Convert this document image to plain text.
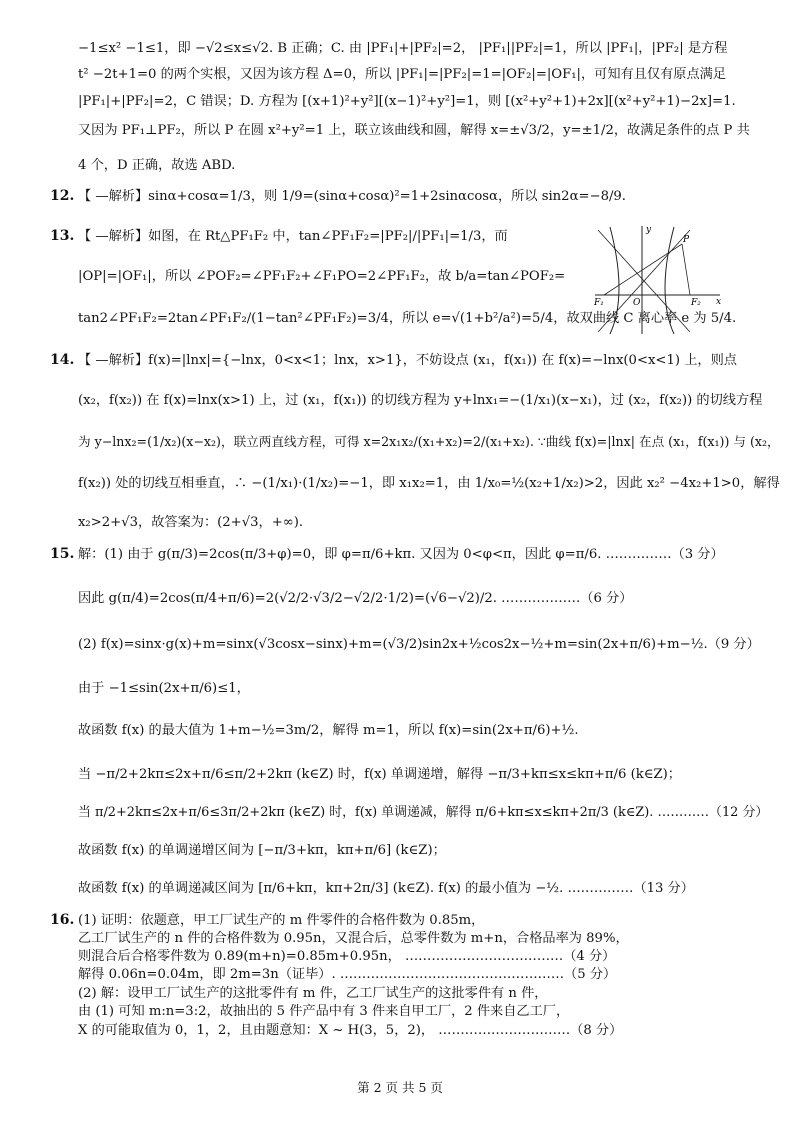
−1≤x² −1≤1，即 −√2≤x≤√2. B 正确；C. 由 |PF₁|+|PF₂|=2， |PF₁||PF₂|=1，所以 |PF₁|，|PF₂| 是方程
t² −2t+1=0 的两个实根，又因为该方程 Δ=0，所以 |PF₁|=|PF₂|=1=|OF₂|=|OF₁|，可知有且仅有原点满足
|PF₁|+|PF₂|=2，C 错误；D. 方程为 [(x+1)²+y²][(x−1)²+y²]=1，则 [(x²+y²+1)+2x][(x²+y²+1)−2x]=1.
又因为 PF₁⊥PF₂，所以 P 在圆 x²+y²=1 上，联立该曲线和圆，解得 x=±√3/2，y=±1/2，故满足条件的点 P 共
4 个，D 正确，故选 ABD.
【 —解析】sinα+cosα=1/3，则 1/9=(sinα+cosα)²=1+2sinαcosα，所以 sin2α=−8/9.
【 —解析】如图，在 Rt△PF₁F₂ 中，tan∠PF₁F₂=|PF₂|/|PF₁|=1/3，而
|OP|=|OF₁|，所以 ∠POF₂=∠PF₁F₂+∠F₁PO=2∠PF₁F₂，故 b/a=tan∠POF₂=
tan2∠PF₁F₂=2tan∠PF₁F₂/(1−tan²∠PF₁F₂)=3/4，所以 e=√(1+b²/a²)=5/4，故双曲线 C 离心率 e 为 5/4.
【 —解析】f(x)=|lnx|={−lnx，0<x<1；lnx，x>1}，不妨设点 (x₁，f(x₁)) 在 f(x)=−lnx(0<x<1) 上，则点
(x₂，f(x₂)) 在 f(x)=lnx(x>1) 上，过 (x₁，f(x₁)) 的切线方程为 y+lnx₁=−(1/x₁)(x−x₁)，过 (x₂，f(x₂)) 的切线方程
为 y−lnx₂=(1/x₂)(x−x₂)，联立两直线方程，可得 x=2x₁x₂/(x₁+x₂)=2/(x₁+x₂). ∵曲线 f(x)=|lnx| 在点 (x₁，f(x₁)) 与 (x₂，
f(x₂)) 处的切线互相垂直，∴ −(1/x₁)·(1/x₂)=−1，即 x₁x₂=1，由 1/x₀=½(x₂+1/x₂)>2，因此 x₂² −4x₂+1>0，解得
x₂>2+√3，故答案为：(2+√3，+∞).
解：(1) 由于 g(π/3)=2cos(π/3+φ)=0，即 φ=π/6+kπ. 又因为 0<φ<π，因此 φ=π/6. ……………（3 分）
因此 g(π/4)=2cos(π/4+π/6)=2(√2/2·√3/2−√2/2·1/2)=(√6−√2)/2. ………………（6 分）
(2) f(x)=sinx·g(x)+m=sinx(√3cosx−sinx)+m=(√3/2)sin2x+½cos2x−½+m=sin(2x+π/6)+m−½.（9 分）
由于 −1≤sin(2x+π/6)≤1，
故函数 f(x) 的最大值为 1+m−½=3m/2，解得 m=1，所以 f(x)=sin(2x+π/6)+½.
当 −π/2+2kπ≤2x+π/6≤π/2+2kπ (k∈Z) 时，f(x) 单调递增，解得 −π/3+kπ≤x≤kπ+π/6 (k∈Z)；
当 π/2+2kπ≤2x+π/6≤3π/2+2kπ (k∈Z) 时，f(x) 单调递减，解得 π/6+kπ≤x≤kπ+2π/3 (k∈Z). …………（12 分）
故函数 f(x) 的单调递增区间为 [−π/3+kπ，kπ+π/6] (k∈Z)；
故函数 f(x) 的单调递减区间为 [π/6+kπ，kπ+2π/3] (k∈Z). f(x) 的最小值为 −½. ……………（13 分）
(1) 证明：依题意，甲工厂试生产的 m 件零件的合格件数为 0.85m，
乙工厂试生产的 n 件的合格件数为 0.95n，又混合后，总零件数为 m+n，合格品率为 89%，
则混合后合格零件数为 0.89(m+n)=0.85m+0.95n， ………………………………（4 分）
解得 0.06n=0.04m，即 2m=3n（证毕）. ……………………………………………（5 分）
(2) 解：设甲工厂试生产的这批零件有 m 件，乙工厂试生产的这批零件有 n 件，
由 (1) 可知 m:n=3:2，故抽出的 5 件产品中有 3 件来自甲工厂，2 件来自乙工厂，
X 的可能取值为 0，1，2，且由题意知：X ~ H(3，5，2)， …………………………（8 分）
12.
13.
14.
15.
16.
y
O
F₁	F₂
P
x
第 2 页 共 5 页
